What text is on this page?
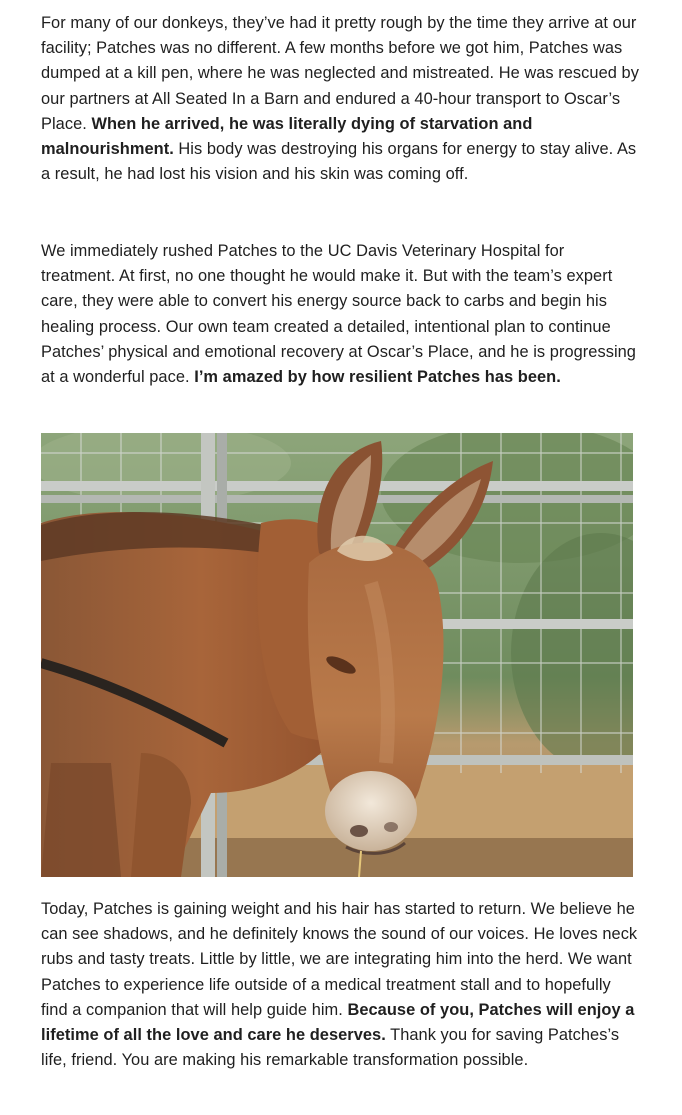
For many of our donkeys, they’ve had it pretty rough by the time they arrive at our facility; Patches was no different. A few months before we got him, Patches was dumped at a kill pen, where he was neglected and mistreated. He was rescued by our partners at All Seated In a Barn and endured a 40-hour transport to Oscar’s Place. When he arrived, he was literally dying of starvation and malnourishment. His body was destroying his organs for energy to stay alive. As a result, he had lost his vision and his skin was coming off.

We immediately rushed Patches to the UC Davis Veterinary Hospital for treatment. At first, no one thought he would make it. But with the team’s expert care, they were able to convert his energy source back to carbs and begin his healing process. Our own team created a detailed, intentional plan to continue Patches’ physical and emotional recovery at Oscar’s Place, and he is progressing at a wonderful pace. I’m amazed by how resilient Patches has been.

Today, Patches is gaining weight and his hair has started to return. We believe he can see shadows, and he definitely knows the sound of our voices. He loves neck rubs and tasty treats. Little by little, we are integrating him into the herd. We want Patches to experience life outside of a medical treatment stall and to hopefully find a companion that will help guide him. Because of you, Patches will enjoy a lifetime of all the love and care he deserves. Thank you for saving Patches’s life, friend. You are making his remarkable transformation possible.
